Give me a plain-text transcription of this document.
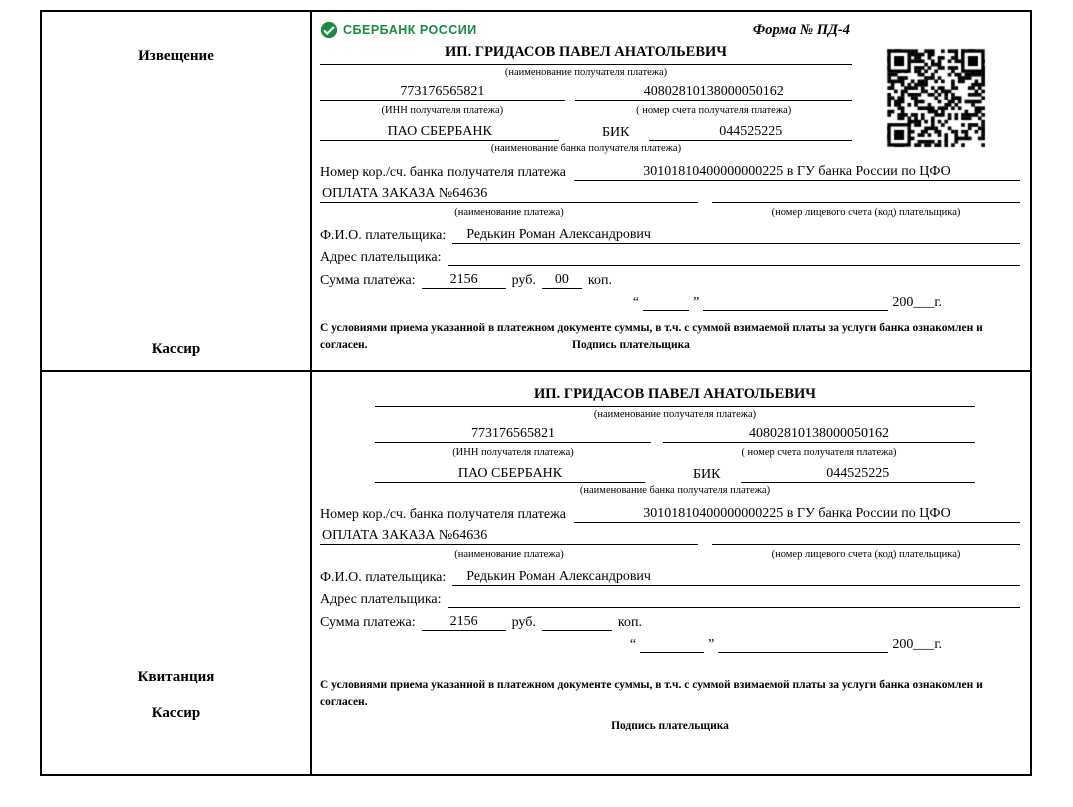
Извещение
Кассир
СБЕРБАНК РОССИИ	Форма № ПД-4
ИП. ГРИДАСОВ ПАВЕЛ АНАТОЛЬЕВИЧ
(наименование получателя платежа)
773176565821	40802810138000050162
(ИНН получателя платежа)	( номер счета получателя платежа)
ПАО СБЕРБАНК	БИК	044525225
(наименование банка получателя платежа)
Номер кор./сч. банка получателя платежа	30101810400000000225 в ГУ банка России по ЦФО
ОПЛАТА ЗАКАЗА №64636
(наименование платежа)	(номер лицевого счета (код) плательщика)
Ф.И.О. плательщика:	Редькин Роман Александрович
Адрес плательщика:
Сумма платежа:	2156	руб.	00	коп.
“	”	200___г.
С условиями приема указанной в платежном документе суммы, в т.ч. с суммой взимаемой платы за услуги банка ознакомлен и согласен.	Подпись плательщика
Квитанция
Кассир
ИП. ГРИДАСОВ ПАВЕЛ АНАТОЛЬЕВИЧ
(наименование получателя платежа)
773176565821	40802810138000050162
(ИНН получателя платежа)	( номер счета получателя платежа)
ПАО СБЕРБАНК	БИК	044525225
(наименование банка получателя платежа)
Номер кор./сч. банка получателя платежа	30101810400000000225 в ГУ банка России по ЦФО
ОПЛАТА ЗАКАЗА №64636
(наименование платежа)	(номер лицевого счета (код) плательщика)
Ф.И.О. плательщика:	Редькин Роман Александрович
Адрес плательщика:
Сумма платежа:	2156	руб.	коп.
“	”	200___г.
С условиями приема указанной в платежном документе суммы, в т.ч. с суммой взимаемой платы за услуги банка ознакомлен и согласен.
Подпись плательщика
